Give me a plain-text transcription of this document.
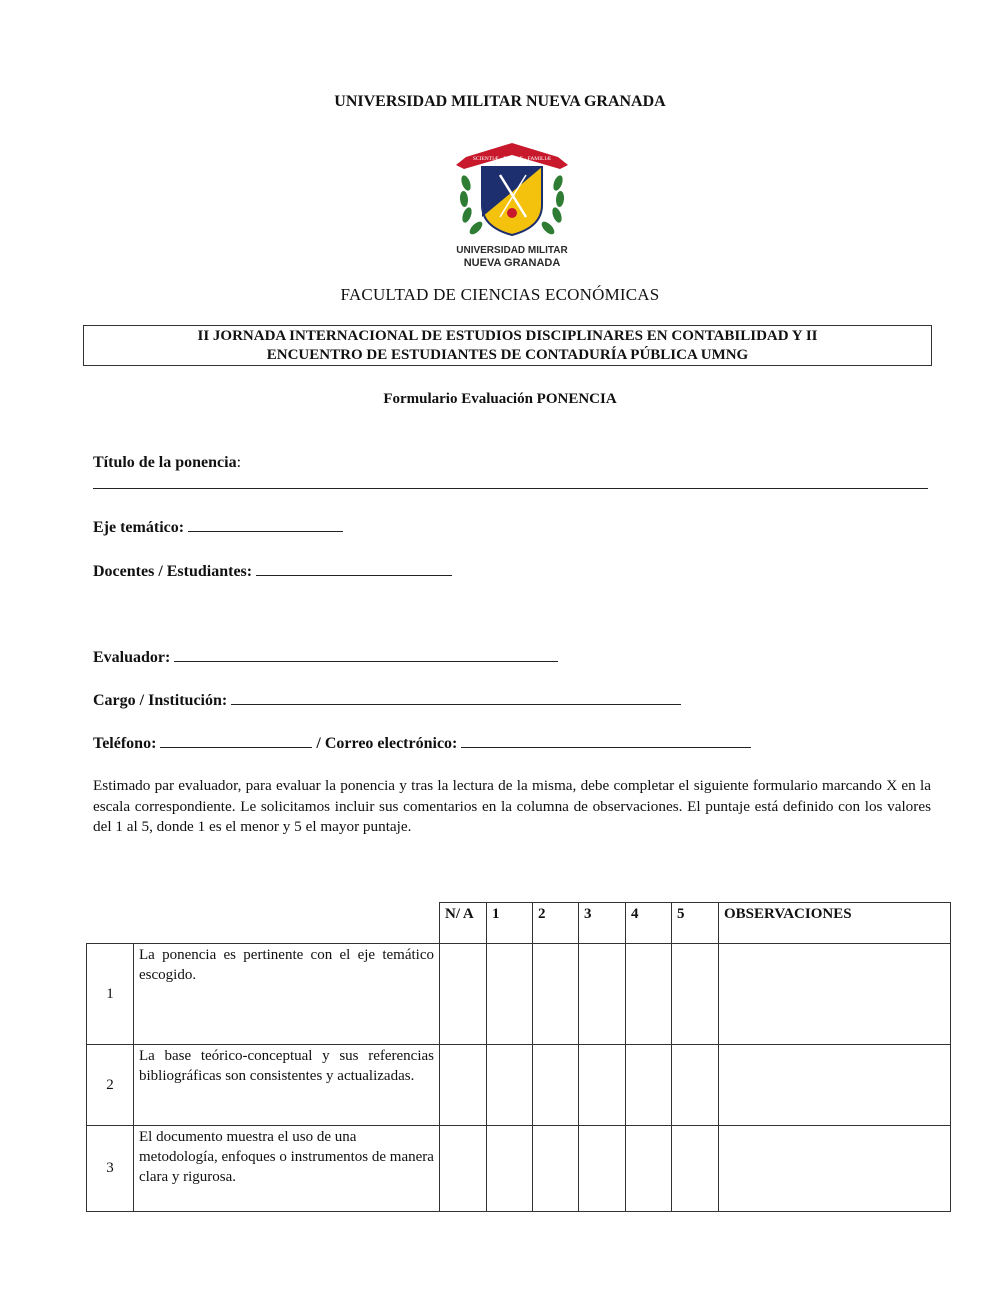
UNIVERSIDAD MILITAR NUEVA GRANADA
SCIENTIÆ · PATRIÆ · FAMILIÆ
UNIVERSIDAD MILITAR
NUEVA GRANADA
FACULTAD DE CIENCIAS ECONÓMICAS
II JORNADA INTERNACIONAL DE ESTUDIOS DISCIPLINARES EN CONTABILIDAD Y II
ENCUENTRO DE ESTUDIANTES DE CONTADURÍA PÚBLICA UMNG
Formulario Evaluación PONENCIA
Título de la ponencia:
Eje temático:
Docentes / Estudiantes:
Evaluador:
Cargo / Institución:
Teléfono:	/ Correo electrónico:
Estimado par evaluador, para evaluar la ponencia y tras la lectura de la misma, debe completar el siguiente formulario marcando X en la escala correspondiente. Le solicitamos incluir sus comentarios en la columna de observaciones. El puntaje está definido con los valores del 1 al 5, donde 1 es el menor y 5 el mayor puntaje.
		N/ A	1	2	3	4	5	OBSERVACIONES
1	La ponencia es pertinente con el eje temático escogido.							
2	La base teórico-conceptual y sus referencias bibliográficas son consistentes y actualizadas.							
3	El documento muestra el uso de una metodología, enfoques o instrumentos de manera clara y rigurosa.							
